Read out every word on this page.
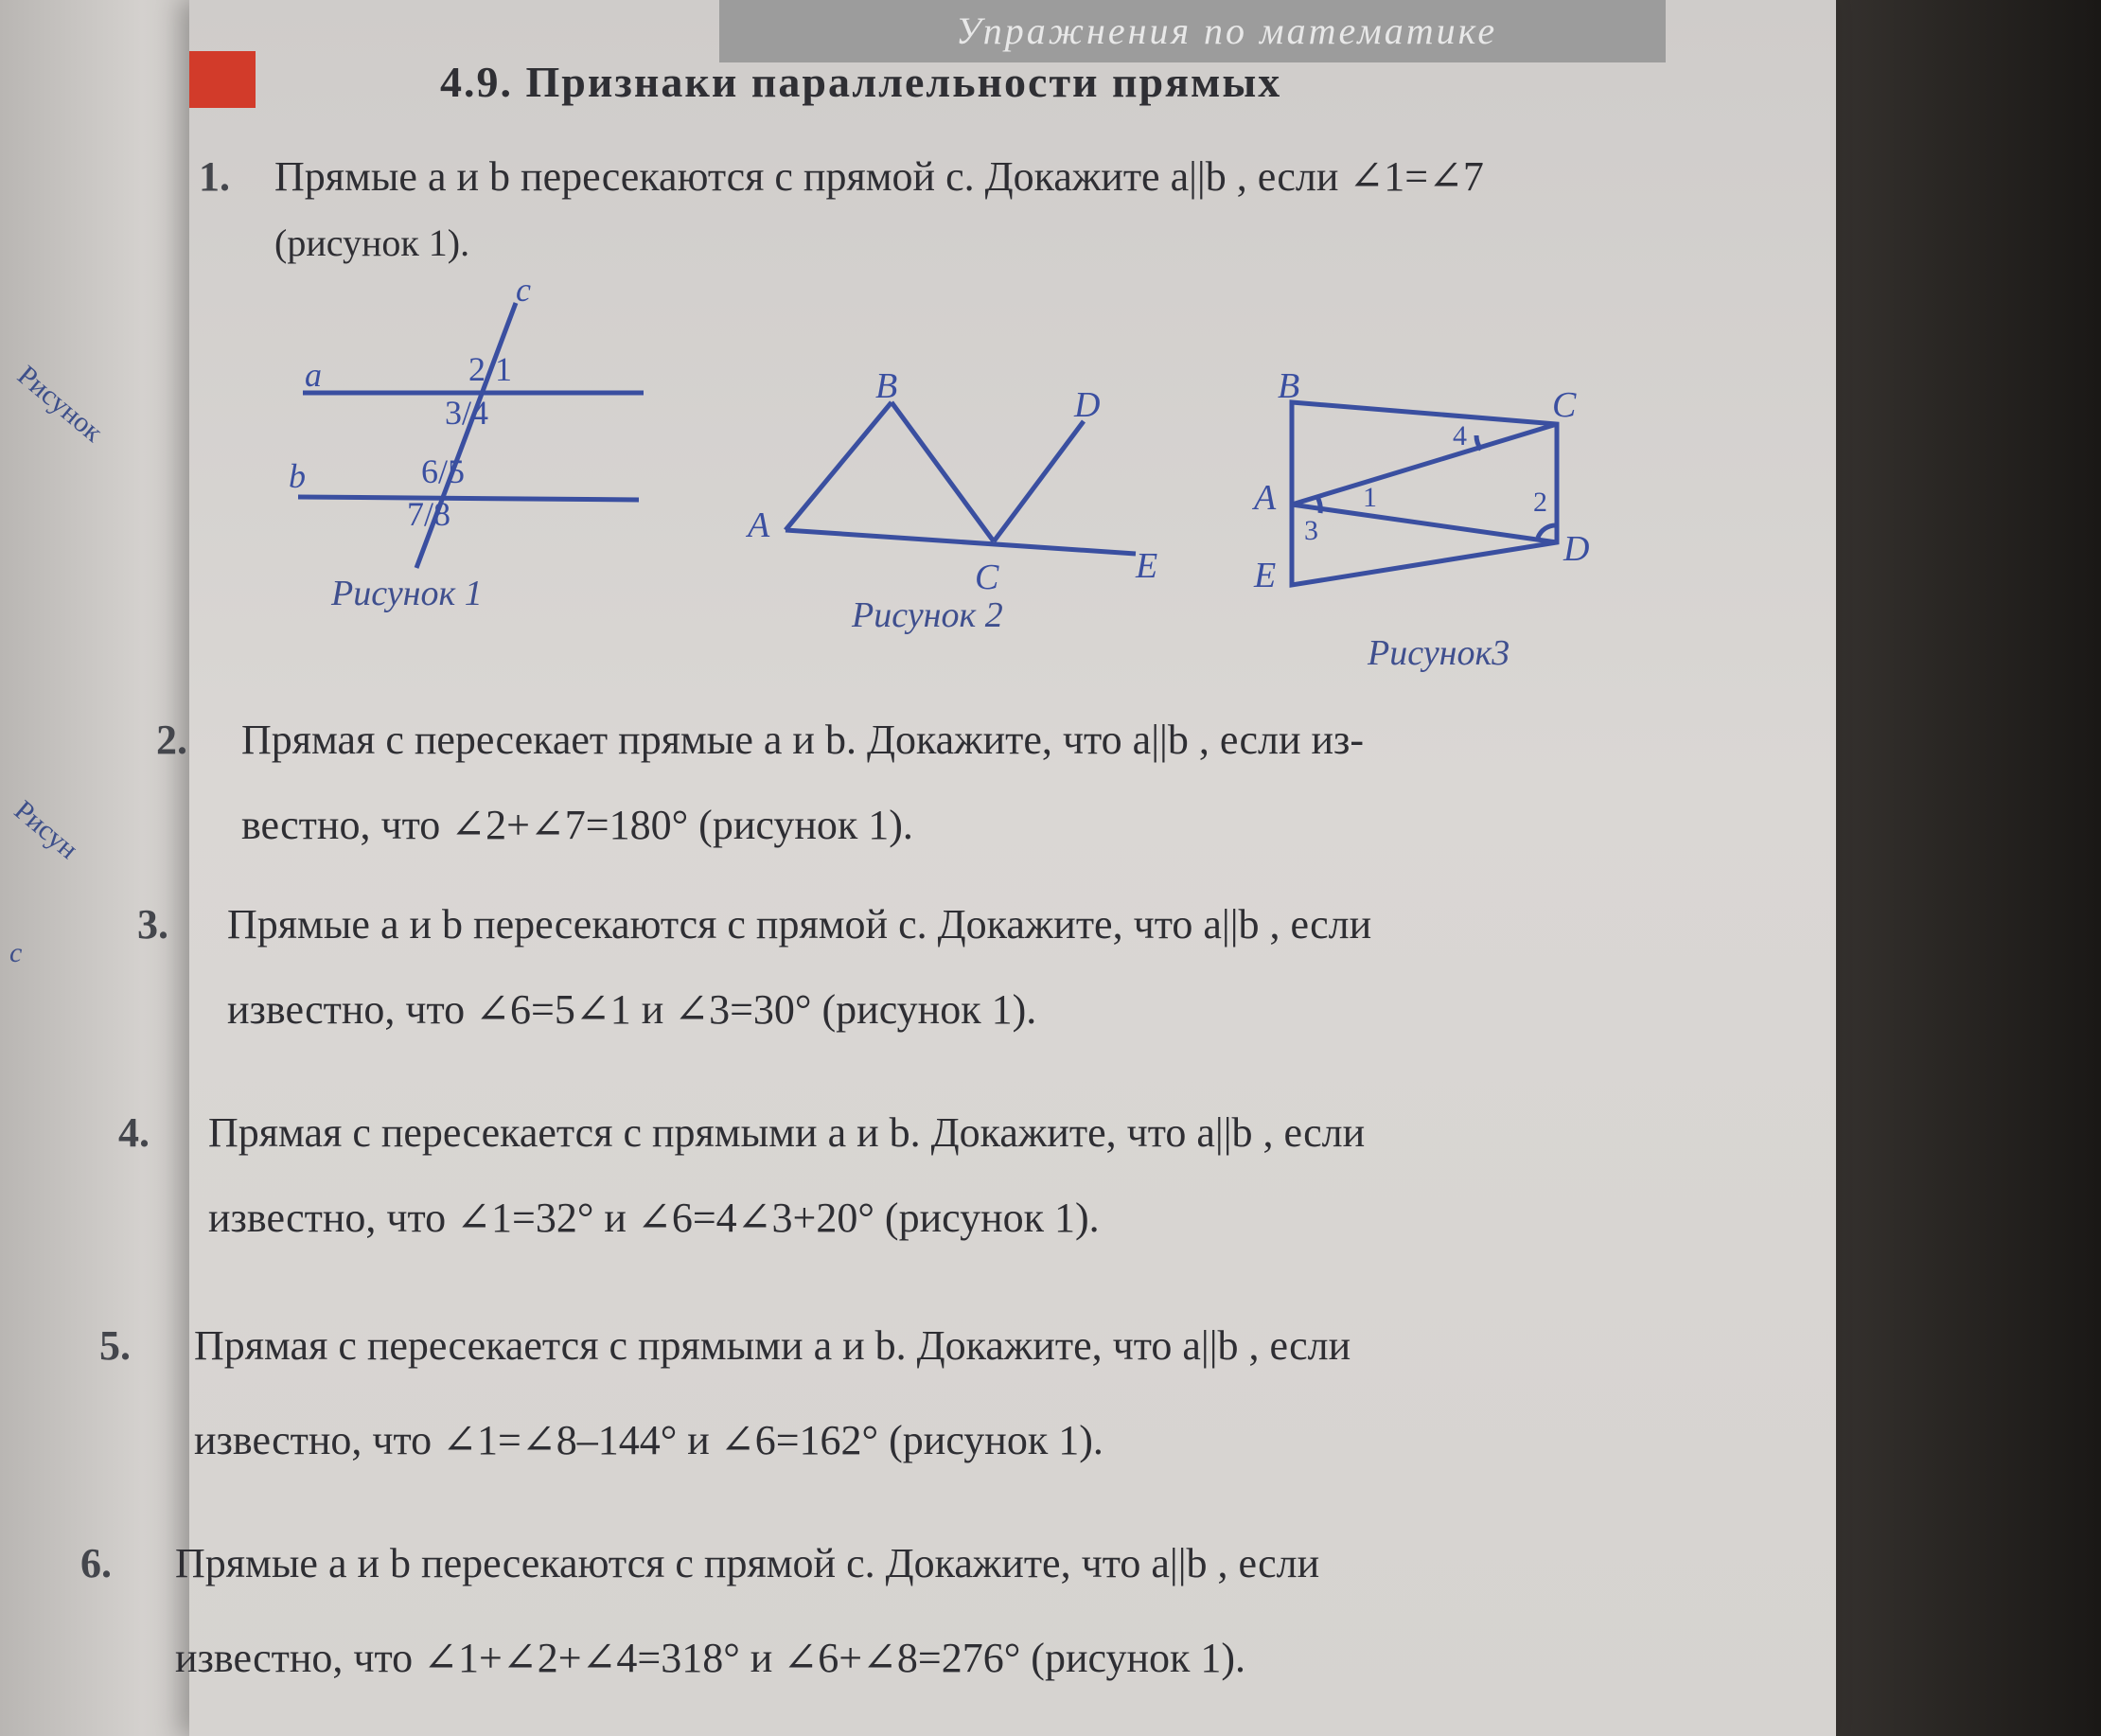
Рисунок
Рисун
с
Упражнения по математике
4.9. Признаки параллельности прямых
1. Прямые a и b пересекаются с прямой c. Докажите a||b , если ∠1=∠7
(рисунок 1).
2. Прямая c пересекает прямые a и b. Докажите, что a||b , если из-
вестно, что ∠2+∠7=180° (рисунок 1).
3. Прямые a и b пересекаются с прямой c. Докажите, что a||b , если
известно, что ∠6=5∠1 и ∠3=30° (рисунок 1).
4. Прямая c пересекается с прямыми a и b. Докажите, что a||b , если
известно, что ∠1=32° и ∠6=4∠3+20° (рисунок 1).
5. Прямая c пересекается с прямыми a и b. Докажите, что a||b , если
известно, что ∠1=∠8–144° и ∠6=162° (рисунок 1).
6. Прямые a и b пересекаются с прямой c. Докажите, что a||b , если
известно, что ∠1+∠2+∠4=318° и ∠6+∠8=276° (рисунок 1).
a
b
c
2/1
3/4
6/5
7/8	A
B
C
D
E
B	C
A
D
E
1	2
3
4
Рисунок 1
Рисунок 2
Рисунок3
